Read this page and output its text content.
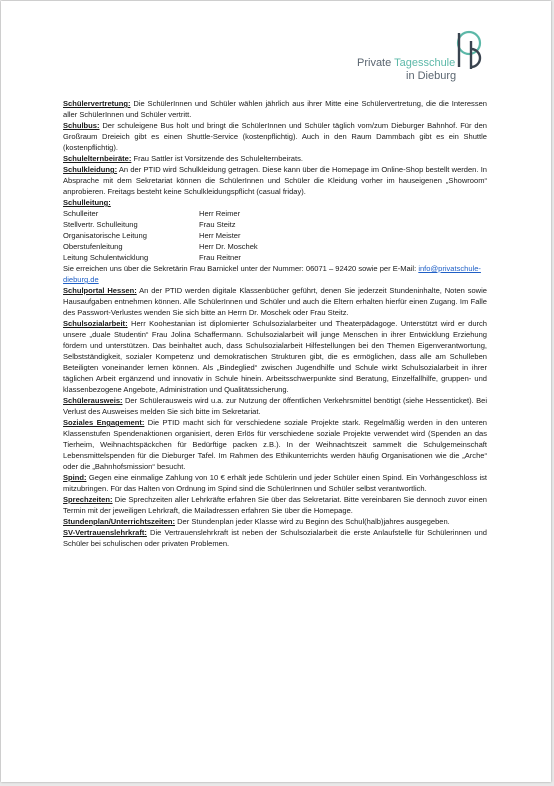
Private Tagesschule
in Dieburg

Schülervertretung: Die SchülerInnen und Schüler wählen jährlich aus ihrer Mitte eine Schülervertretung, die die Interessen aller SchülerInnen und Schüler vertritt.

Schulbus: Der schuleigene Bus holt und bringt die SchülerInnen und Schüler täglich vom/zum Dieburger Bahnhof. Für den Großraum Dreieich gibt es einen Shuttle-Service (kostenpflichtig). Auch in den Raum Dammbach gibt es ein Shuttle (kostenpflichtig).

Schulelternbeiräte: Frau Sattler ist Vorsitzende des Schulelternbeirats.

Schulkleidung: An der PTID wird Schulkleidung getragen. Diese kann über die Homepage im Online-Shop bestellt werden. In Absprache mit dem Sekretariat können die SchülerInnen und Schüler die Kleidung vorher im hauseigenen „Showroom“ anprobieren. Freitags besteht keine Schulkleidungspflicht (casual friday).

Schulleitung:
Schulleiter	Herr Reimer
Stellvertr. Schulleitung	Frau Steitz
Organisatorische Leitung	Herr Meister
Oberstufenleitung	Herr Dr. Moschek
Leitung Schulentwicklung	Frau Reitner

Sie erreichen uns über die Sekretärin Frau Barnickel unter der Nummer: 06071 – 92420 sowie per E-Mail: info@privatschule-dieburg.de

Schulportal Hessen: An der PTID werden digitale Klassenbücher geführt, denen Sie jederzeit Stundeninhalte, Noten sowie Hausaufgaben entnehmen können. Alle SchülerInnen und Schüler und auch die Eltern erhalten hierfür einen Zugang. Im Falle des Passwort-Verlustes wenden Sie sich bitte an Herrn Dr. Moschek oder Frau Steitz.

Schulsozialarbeit: Herr Koohestanian ist diplomierter Schulsozialarbeiter und Theaterpädagoge. Unterstützt wird er durch unsere „duale Studentin“ Frau Jolina Schaffermann. Schulsozialarbeit will junge Menschen in ihrer Entwicklung Erziehung fördern und unterstützen. Das beinhaltet auch, dass Schulsozialarbeit Hilfestellungen bei den Themen Eigenverantwortung, Selbstständigkeit, sozialer Kompetenz und demokratischen Strukturen gibt, die es ermöglichen, dass alle am Schulleben Beteiligten voneinander lernen können. Als „Bindeglied“ zwischen Jugendhilfe und Schule wirkt Schulsozialarbeit in ihrer täglichen Arbeit ergänzend und innovativ in Schule hinein. Arbeitsschwerpunkte sind Beratung, Einzelfallhilfe, gruppen- und klassenbezogene Angebote, Administration und Qualitätssicherung.

Schülerausweis: Der Schülerausweis wird u.a. zur Nutzung der öffentlichen Verkehrsmittel benötigt (siehe Hessenticket). Bei Verlust des Ausweises melden Sie sich bitte im Sekretariat.

Soziales Engagement: Die PTID macht sich für verschiedene soziale Projekte stark. Regelmäßig werden in den unteren Klassenstufen Spendenaktionen organisiert, deren Erlös für verschiedene soziale Projekte verwendet wird (Spenden an das Tierheim, Weihnachtspäckchen für Bedürftige packen z.B.). In der Weihnachtszeit sammelt die Schulgemeinschaft Lebensmittelspenden für die Dieburger Tafel. Im Rahmen des Ethikunterrichts werden häufig Organisationen wie die „Arche“ oder die „Bahnhofsmission“ besucht.

Spind: Gegen eine einmalige Zahlung von 10 € erhält jede Schülerin und jeder Schüler einen Spind. Ein Vorhängeschloss ist mitzubringen. Für das Halten von Ordnung im Spind sind die SchülerInnen und Schüler selbst verantwortlich.

Sprechzeiten: Die Sprechzeiten aller Lehrkräfte erfahren Sie über das Sekretariat. Bitte vereinbaren Sie dennoch zuvor einen Termin mit der jeweiligen Lehrkraft, die Mailadressen erfahren Sie über die Homepage.

Stundenplan/Unterrichtszeiten: Der Stundenplan jeder Klasse wird zu Beginn des Schul(halb)jahres ausgegeben.

SV-Vertrauenslehrkraft: Die Vertrauenslehrkraft ist neben der Schulsozialarbeit die erste Anlaufstelle für Schülerinnen und Schüler bei schulischen oder privaten Problemen.
